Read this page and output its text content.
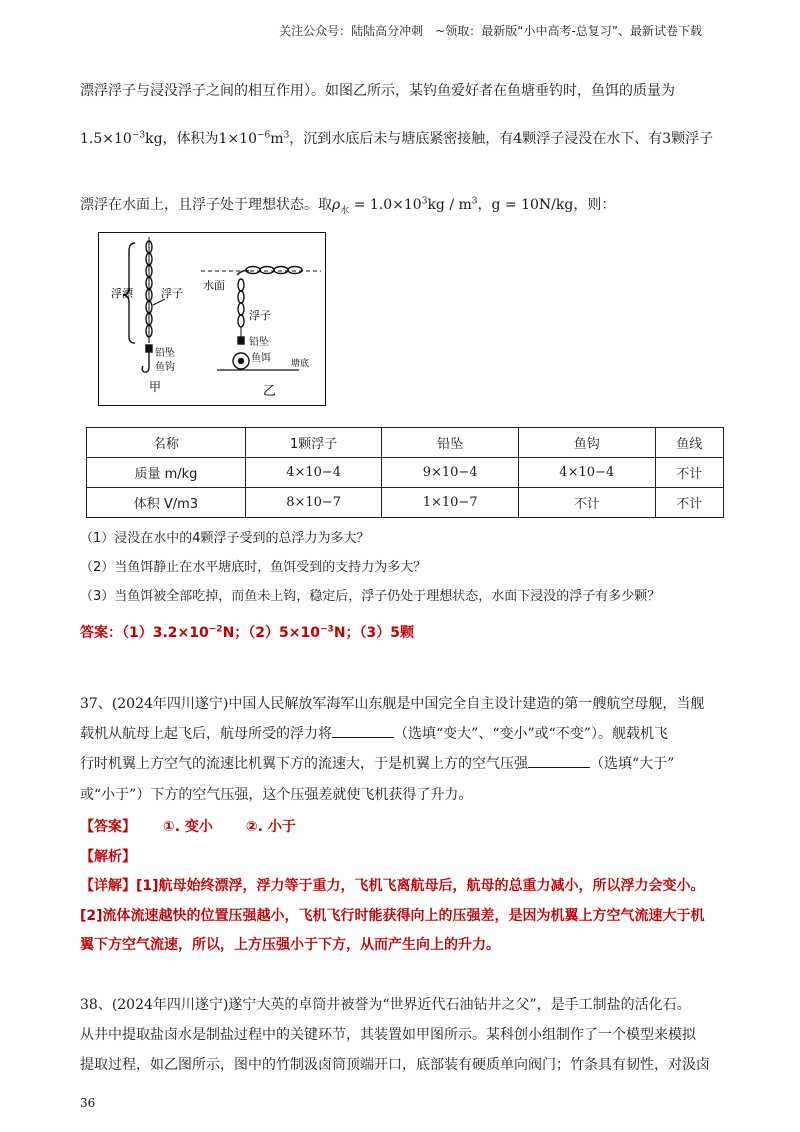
关注公众号：陆陆高分冲刺　~领取：最新版“小中高考-总复习”、最新试卷下载
漂浮浮子与浸没浮子之间的相互作用）。如图乙所示，某钓鱼爱好者在鱼塘垂钓时，鱼饵的质量为
$1.5\times 10^{-3}kg$，体积为$1\times 10^{-6}m^3$，沉到水底后未与塘底紧密接触，有4颗浮子浸没在水下、有3颗浮子
漂浮在水面上，且浮子处于理想状态。取$\rho_水 = 1.0\times 10^3kg / m^3$，g = 10N/kg，则：
浮漂	浮子
铅坠
鱼钩
甲
水面
浮子
铅坠
鱼饵 塘底
乙
名称	1颗浮子	铅坠	鱼钩	鱼线
质量 m/kg	4×10−4	9×10−4	4×10−4	不计
体积 V/m3	8×10−7	1×10−7	不计	不计
（1）浸没在水中的4颗浮子受到的总浮力为多大？
（2）当鱼饵静止在水平塘底时，鱼饵受到的支持力为多大？
（3）当鱼饵被全部吃掉，而鱼未上钩，稳定后，浮子仍处于理想状态，水面下浸没的浮子有多少颗？
答案：$(1)3.2\times 10^{-2}N$；$(2)5\times 10^{-3}N$；（3）5颗
37、(2024年四川遂宁)中国人民解放军海军山东舰是中国完全自主设计建造的第一艘航空母舰，当舰
载机从航母上起飞后，航母所受的浮力将	（选填“变大”、“变小”或“不变”）。舰载机飞
行时机翼上方空气的流速比机翼下方的流速大，于是机翼上方的空气压强	（选填“大于”
或“小于”）下方的空气压强，这个压强差就使飞机获得了升力。
【答案】 ①. 变小 ②. 小于
【解析】
【详解】[1]航母始终漂浮，浮力等于重力，飞机飞离航母后，航母的总重力减小，所以浮力会变小。
[2]流体流速越快的位置压强越小，飞机飞行时能获得向上的压强差，是因为机翼上方空气流速大于机
翼下方空气流速，所以，上方压强小于下方，从而产生向上的升力。
38、(2024年四川遂宁)遂宁大英的卓筒井被誉为“世界近代石油钻井之父”，是手工制盐的活化石。
从井中提取盐卤水是制盐过程中的关键环节，其装置如甲图所示。某科创小组制作了一个模型来模拟
提取过程，如乙图所示，图中的竹制汲卤筒顶端开口，底部装有硬质单向阀门；竹条具有韧性，对汲卤
36
